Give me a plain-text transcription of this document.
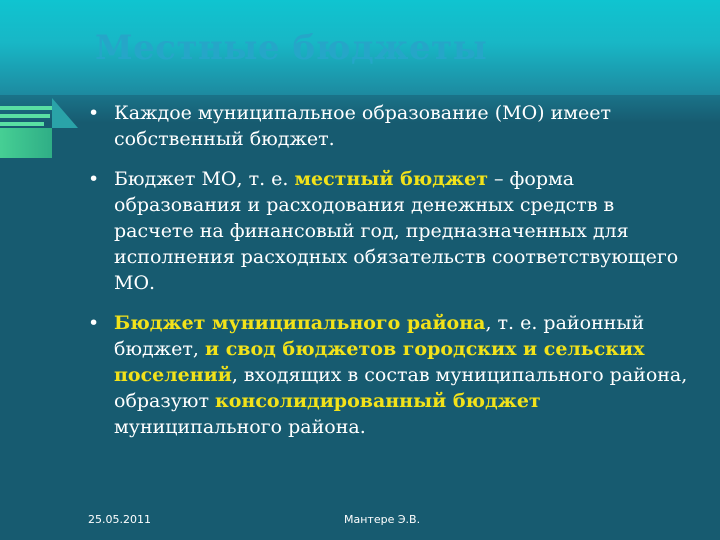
Местные бюджеты
• Каждое муниципальное образование (МО) имеет собственный бюджет.
• Бюджет МО, т. е. местный бюджет – форма образования и расходования денежных средств в расчете на финансовый год, предназначенных для исполнения расходных обязательств соответствующего МО.
• Бюджет муниципального района, т. е. районный бюджет, и свод бюджетов городских и сельских поселений, входящих в состав муниципального района, образуют консолидированный бюджет муниципального района.
25.05.2011	Мантере Э.В.
